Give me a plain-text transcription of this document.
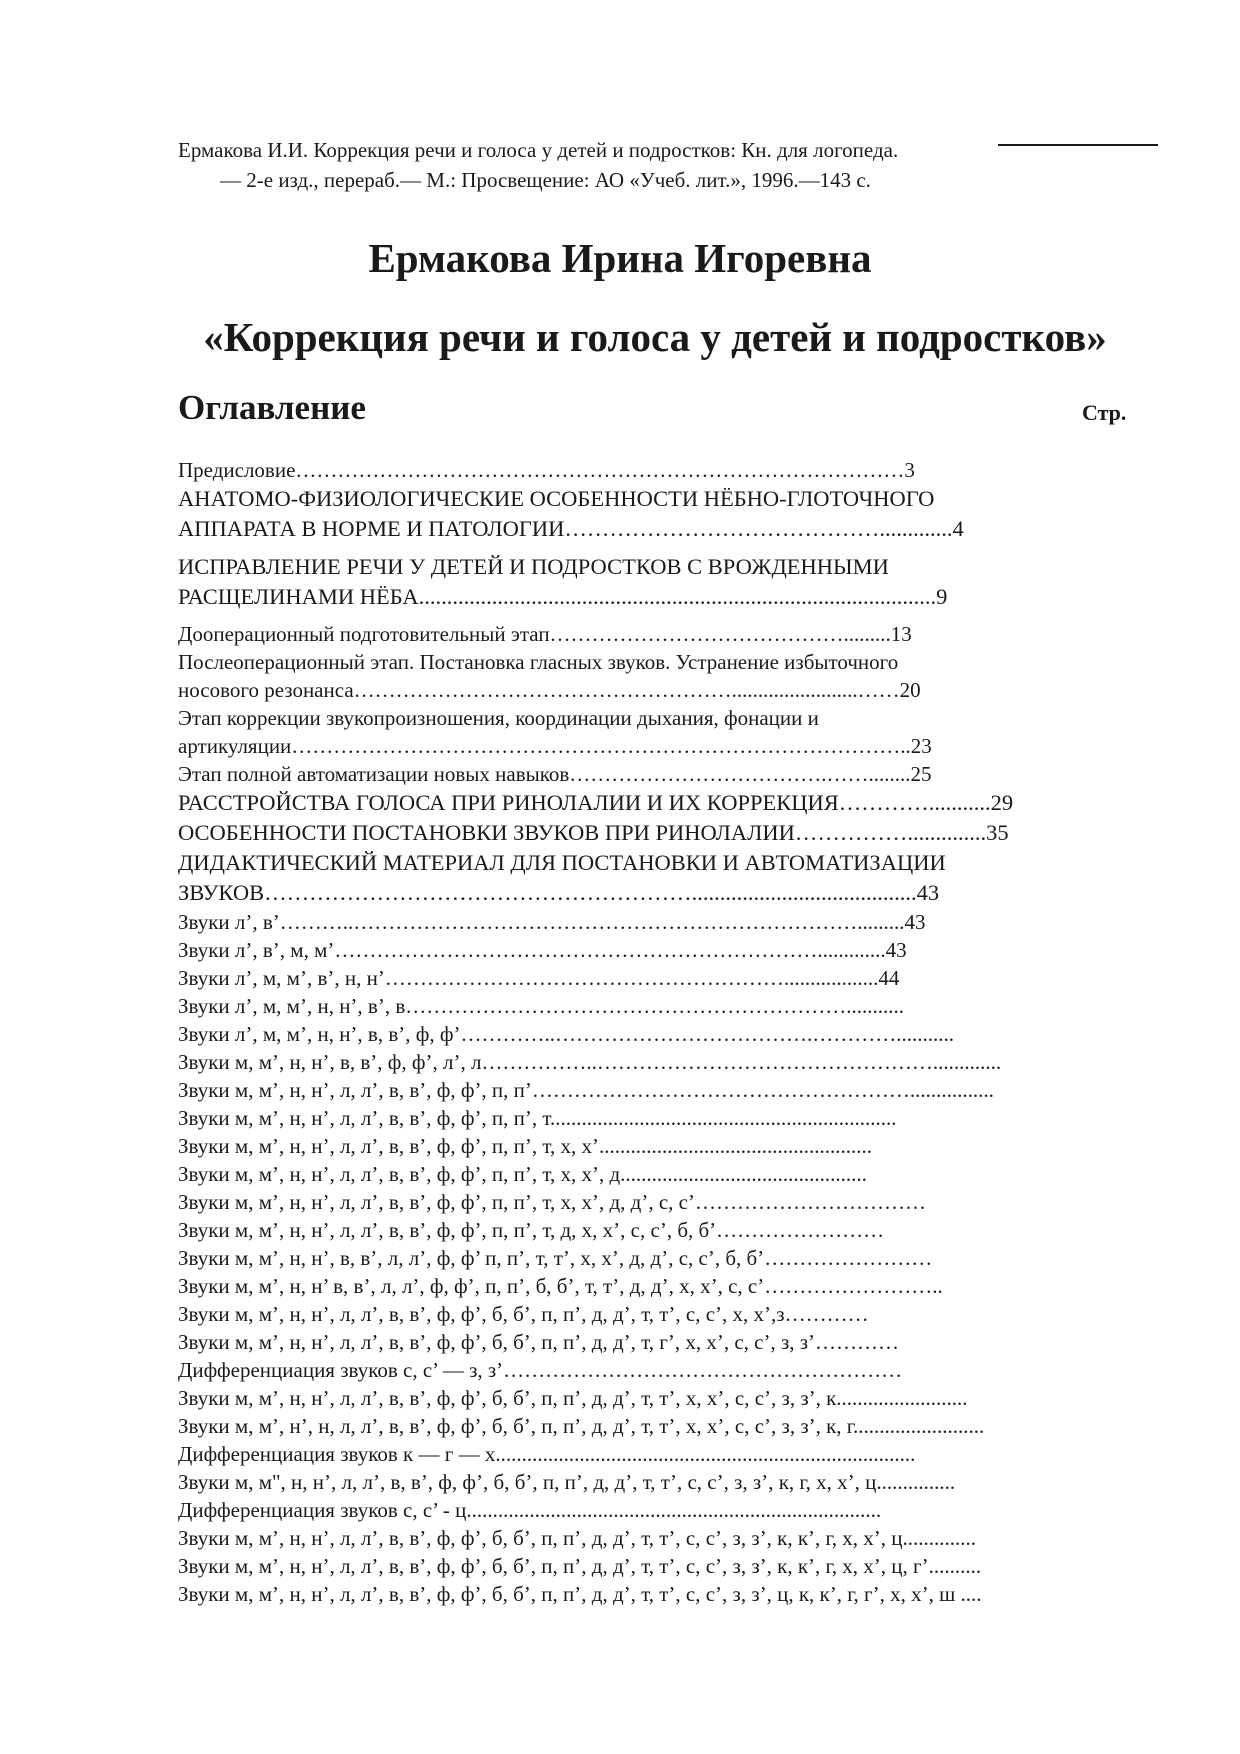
Ермакова И.И. Коррекция речи и голоса у детей и подростков: Кн. для логопеда.
— 2-е изд., перераб.— М.: Просвещение: АО «Учеб. лит.», 1996.—143 с.
Ермакова Ирина Игоревна
«Коррекция речи и голоса у детей и подростков»
Оглавление	Стр.
Предисловие……………………………………………………………………………3
АНАТОМО-ФИЗИОЛОГИЧЕСКИЕ ОСОБЕННОСТИ НЁБНО-ГЛОТОЧНОГО
АППАРАТА В НОРМЕ И ПАТОЛОГИИ…………………………………….............4
ИСПРАВЛЕНИЕ РЕЧИ У ДЕТЕЙ И ПОДРОСТКОВ С ВРОЖДЕННЫМИ
РАСЩЕЛИНАМИ НЁБА............................................................................................9
Дооперационный подготовительный этап…………………………………….........13
Послеоперационный этап. Постановка гласных звуков. Устранение избыточного
носового резонанса………………………………………………........................……20
Этап коррекции звукопроизношения, координации дыхания, фонации и
артикуляции……………………………………………………………………………..23
Этап полной автоматизации новых навыков……………………………….……........25
РАССТРОЙСТВА ГОЛОСА ПРИ РИНОЛАЛИИ И ИХ КОРРЕКЦИЯ…………...........29
ОСОБЕННОСТИ ПОСТАНОВКИ ЗВУКОВ ПРИ РИНОЛАЛИИ……………..............35
ДИДАКТИЧЕСКИЙ МАТЕРИАЛ ДЛЯ ПОСТАНОВКИ И АВТОМАТИЗАЦИИ
ЗВУКОВ…………………………………………………........................................43
Звуки л’, в’………..……………………………………………………………….........43
Звуки л’, в’, м, м’…………………………………………………………….............43
Звуки л’, м, м’, в’, н, н’…………………………………………………..................44
Звуки л’, м, м’, н, н’, в’, в………………………………………………………...........
Звуки л’, м, м’, н, н’, в, в’, ф, ф’…………..……………………………….…………...........
Звуки м, м’, н, н’, в, в’, ф, ф’, л’, л……………..………………………………………….............
Звуки м, м’, н, н’, л, л’, в, в’, ф, ф’, п, п’………………………………………………................
Звуки м, м’, н, н’, л, л’, в, в’, ф, ф’, п, п’, т..................................................................
Звуки м, м’, н, н’, л, л’, в, в’, ф, ф’, п, п’, т, х, х’....................................................
Звуки м, м’, н, н’, л, л’, в, в’, ф, ф’, п, п’, т, х, х’, д...............................................
Звуки м, м’, н, н’, л, л’, в, в’, ф, ф’, п, п’, т, х, х’, д, д’, с, с’……………………………
Звуки м, м’, н, н’, л, л’, в, в’, ф, ф’, п, п’, т, д, х, х’, с, с’, б, б’……………………
Звуки м, м’, н, н’, в, в’, л, л’, ф, ф’ п, п’, т, т’, х, х’, д, д’, с, с’, б, б’……………………
Звуки м, м’, н, н’ в, в’, л, л’, ф, ф’, п, п’, б, б’, т, т’, д, д’, х, х’, с, с’……………………..
Звуки м, м’, н, н’, л, л’, в, в’, ф, ф’, б, б’, п, п’, д, д’, т, т’, с, с’, х, х’,з…………
Звуки м, м’, н, н’, л, л’, в, в’, ф, ф’, б, б’, п, п’, д, д’, т, г’, х, х’, с, с’, з, з’…………
Дифференциация звуков с, с’ — з, з’…………………………………………………
Звуки м, м’, н, н’, л, л’, в, в’, ф, ф’, б, б’, п, п’, д, д’, т, т’, х, х’, с, с’, з, з’, к.........................
Звуки м, м’, н’, н, л, л’, в, в’, ф, ф’, б, б’, п, п’, д, д’, т, т’, х, х’, с, с’, з, з’, к, г.........................
Дифференциация звуков к — г — х................................................................................
Звуки м, м", н, н’, л, л’, в, в’, ф, ф’, б, б’, п, п’, д, д’, т, т’, с, с’, з, з’, к, г, х, х’, ц...............
Дифференциация звуков с, с’ - ц...............................................................................
Звуки м, м’, н, н’, л, л’, в, в’, ф, ф’, б, б’, п, п’, д, д’, т, т’, с, с’, з, з’, к, к’, г, х, х’, ц..............
Звуки м, м’, н, н’, л, л’, в, в’, ф, ф’, б, б’, п, п’, д, д’, т, т’, с, с’, з, з’, к, к’, г, х, х’, ц, г’..........
Звуки м, м’, н, н’, л, л’, в, в’, ф, ф’, б, б’, п, п’, д, д’, т, т’, с, с’, з, з’, ц, к, к’, г, г’, х, х’, ш ....
